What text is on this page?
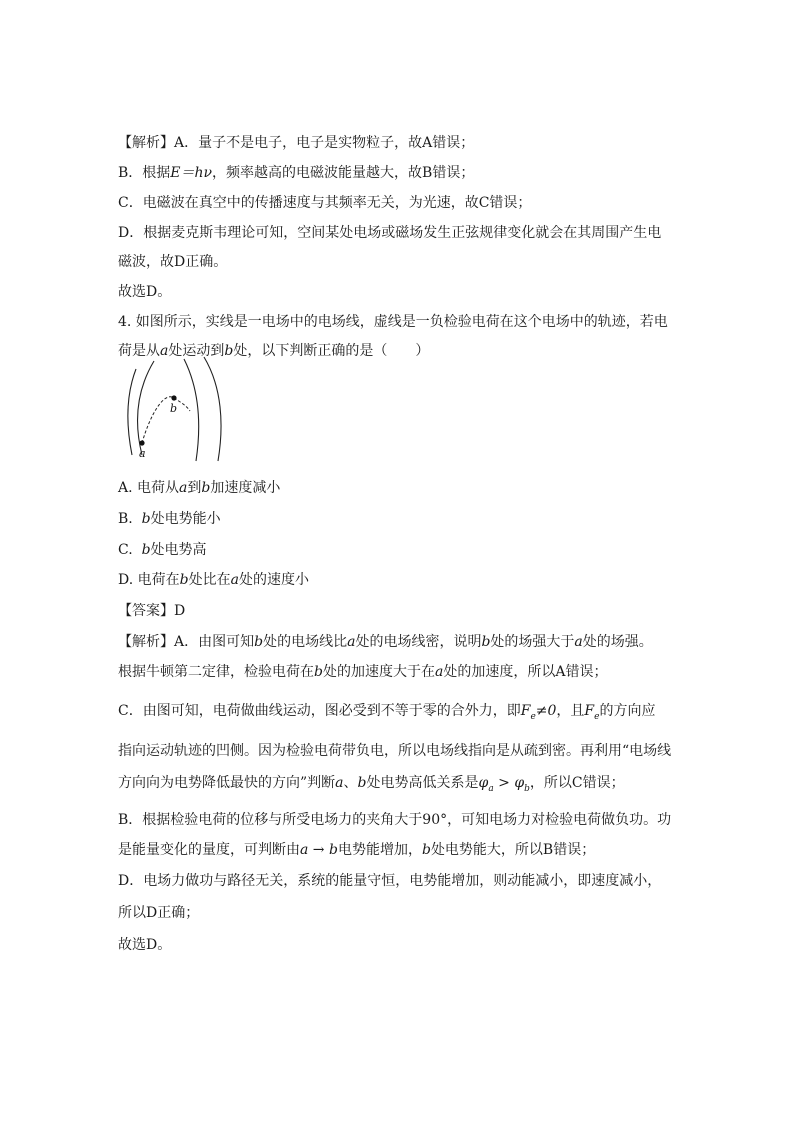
【解析】A．量子不是电子，电子是实物粒子，故A错误；
B．根据E＝hν，频率越高的电磁波能量越大，故B错误；
C．电磁波在真空中的传播速度与其频率无关，为光速，故C错误；
D．根据麦克斯韦理论可知，空间某处电场或磁场发生正弦规律变化就会在其周围产生电
磁波，故D正确。
故选D。
4. 如图所示，实线是一电场中的电场线，虚线是一负检验电荷在这个电场中的轨迹，若电
荷是从a处运动到b处，以下判断正确的是（　　）
a
b
A. 电荷从a到b加速度减小
B.  b处电势能小
C.  b处电势高
D. 电荷在b处比在a处的速度小
【答案】D
【解析】A．由图可知b处的电场线比a处的电场线密，说明b处的场强大于a处的场强。
根据牛顿第二定律，检验电荷在b处的加速度大于在a处的加速度，所以A错误；
C．由图可知，电荷做曲线运动，图必受到不等于零的合外力，即$F_e\ne 0$，且$F_e$的方向应
指向运动轨迹的凹侧。因为检验电荷带负电，所以电场线指向是从疏到密。再利用“电场线
方向向为电势降低最快的方向”判断a、b处电势高低关系是$\varphi_a > \varphi_b$，所以C错误；
B．根据检验电荷的位移与所受电场力的夹角大于90°，可知电场力对检验电荷做负功。功
是能量变化的量度，可判断由a → b电势能增加，b处电势能大，所以B错误；
D．电场力做功与路径无关，系统的能量守恒，电势能增加，则动能减小，即速度减小，
所以D正确；
故选D。
